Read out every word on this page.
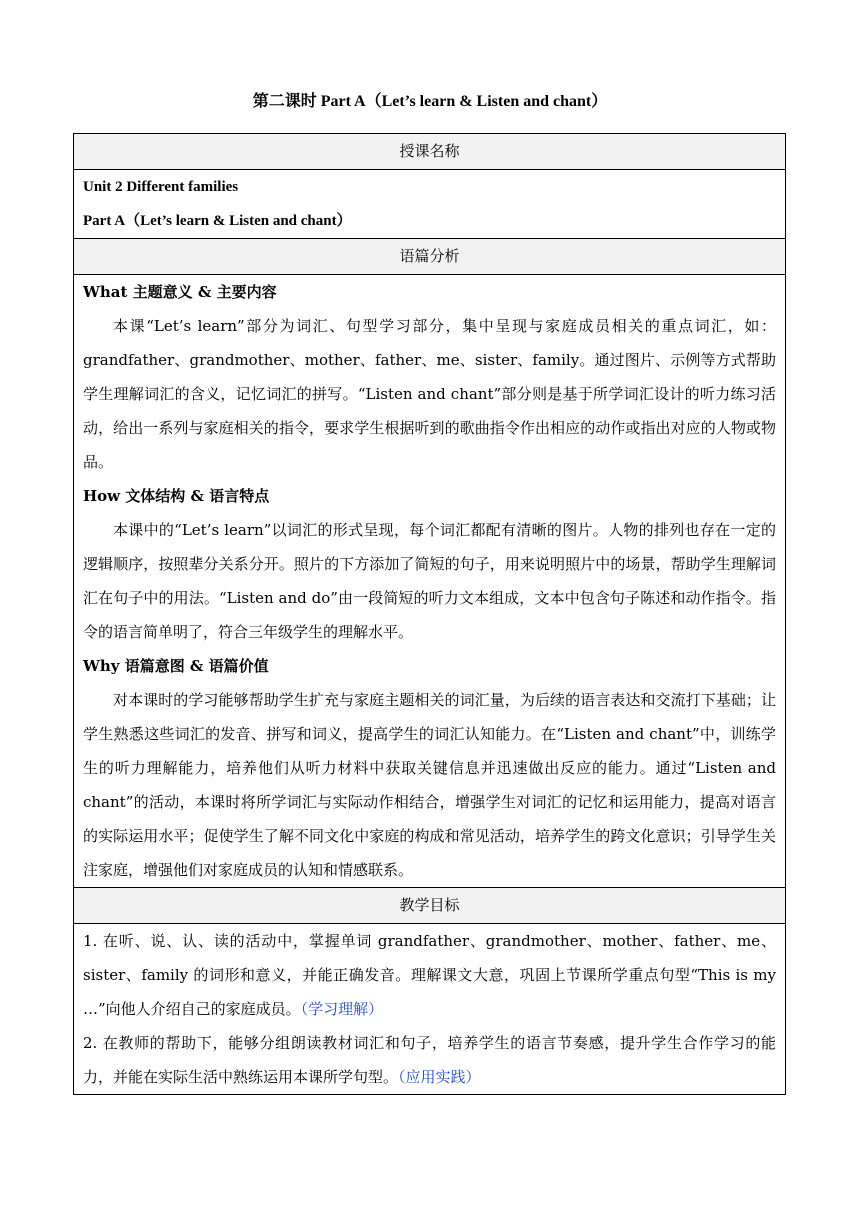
第二课时 Part A（Let’s learn & Listen and chant）
授课名称

Unit 2 Different families
Part A（Let’s learn & Listen and chant）

语篇分析

What 主题意义 & 主要内容

本课“Let’s learn”部分为词汇、句型学习部分，集中呈现与家庭成员相关的重点词汇，如：grandfather、grandmother、mother、father、me、sister、family。通过图片、示例等方式帮助学生理解词汇的含义，记忆词汇的拼写。“Listen and chant”部分则是基于所学词汇设计的听力练习活动，给出一系列与家庭相关的指令，要求学生根据听到的歌曲指令作出相应的动作或指出对应的人物或物品。

How 文体结构 & 语言特点

本课中的“Let’s learn”以词汇的形式呈现，每个词汇都配有清晰的图片。人物的排列也存在一定的逻辑顺序，按照辈分关系分开。照片的下方添加了简短的句子，用来说明照片中的场景，帮助学生理解词汇在句子中的用法。“Listen and do”由一段简短的听力文本组成，文本中包含句子陈述和动作指令。指令的语言简单明了，符合三年级学生的理解水平。

Why 语篇意图 & 语篇价值

对本课时的学习能够帮助学生扩充与家庭主题相关的词汇量，为后续的语言表达和交流打下基础；让学生熟悉这些词汇的发音、拼写和词义，提高学生的词汇认知能力。在“Listen and chant”中，训练学生的听力理解能力，培养他们从听力材料中获取关键信息并迅速做出反应的能力。通过“Listen and chant”的活动，本课时将所学词汇与实际动作相结合，增强学生对词汇的记忆和运用能力，提高对语言的实际运用水平；促使学生了解不同文化中家庭的构成和常见活动，培养学生的跨文化意识；引导学生关注家庭，增强他们对家庭成员的认知和情感联系。

教学目标

1. 在听、说、认、读的活动中，掌握单词 grandfather、grandmother、mother、father、me、sister、family 的词形和意义，并能正确发音。理解课文大意，巩固上节课所学重点句型“This is my …”向他人介绍自己的家庭成员。（学习理解）

2. 在教师的帮助下，能够分组朗读教材词汇和句子，培养学生的语言节奏感，提升学生合作学习的能力，并能在实际生活中熟练运用本课所学句型。（应用实践）
